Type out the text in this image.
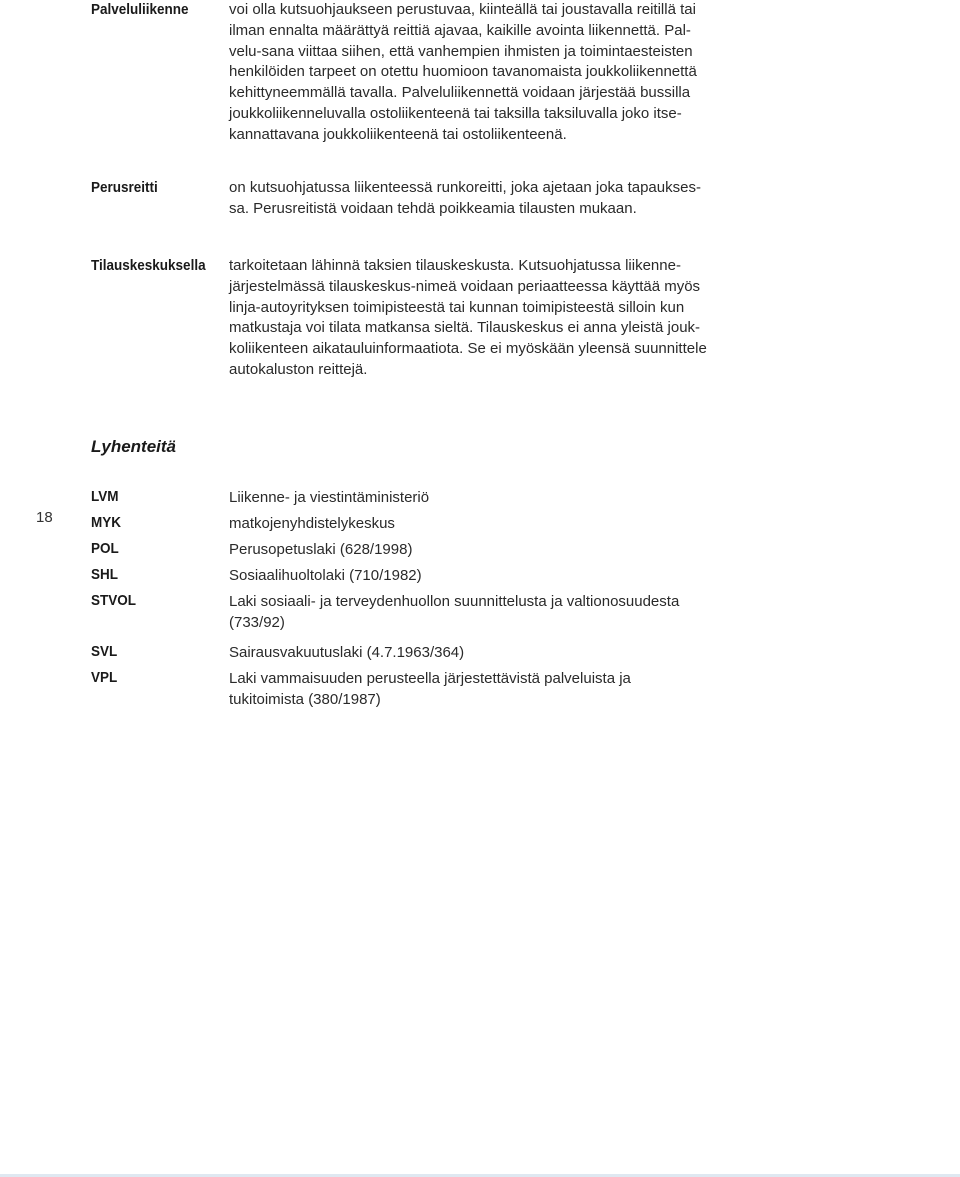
Palveluliikenne	voi olla kutsuohjaukseen perustuvaa, kiinteällä tai joustavalla reitillä tai
ilman ennalta määrättyä reittiä ajavaa, kaikille avointa liikennettä. Pal-
velu-sana viittaa siihen, että vanhempien ihmisten ja toimintaesteisten
henkilöiden tarpeet on otettu huomioon tavanomaista joukkoliikennettä
kehittyneemmällä tavalla. Palveluliikennettä voidaan järjestää bussilla
joukkoliikenneluvalla ostoliikenteenä tai taksilla taksiluvalla joko itse-
kannattavana joukkoliikenteenä tai ostoliikenteenä.
Perusreitti	on kutsuohjatussa liikenteessä runkoreitti, joka ajetaan joka tapaukses-
sa. Perusreitistä voidaan tehdä poikkeamia tilausten mukaan.
Tilauskeskuksella tarkoitetaan lähinnä taksien tilauskeskusta. Kutsuohjatussa liikenne-
järjestelmässä tilauskeskus-nimeä voidaan periaatteessa käyttää myös
linja-autoyrityksen toimipisteestä tai kunnan toimipisteestä silloin kun
matkustaja voi tilata matkansa sieltä. Tilauskeskus ei anna yleistä jouk-
koliikenteen aikatauluinformaatiota. Se ei myöskään yleensä suunnittele
autokaluston reittejä.
Lyhenteitä
18
LVM	Liikenne- ja viestintäministeriö
MYK	matkojenyhdistelykeskus
POL	Perusopetuslaki (628/1998)
SHL	Sosiaalihuoltolaki (710/1982)
STVOL	Laki sosiaali- ja terveydenhuollon suunnittelusta ja valtionosuudesta
(733/92)
SVL	Sairausvakuutuslaki (4.7.1963/364)
VPL	Laki vammaisuuden perusteella järjestettävistä palveluista ja
tukitoimista (380/1987)
